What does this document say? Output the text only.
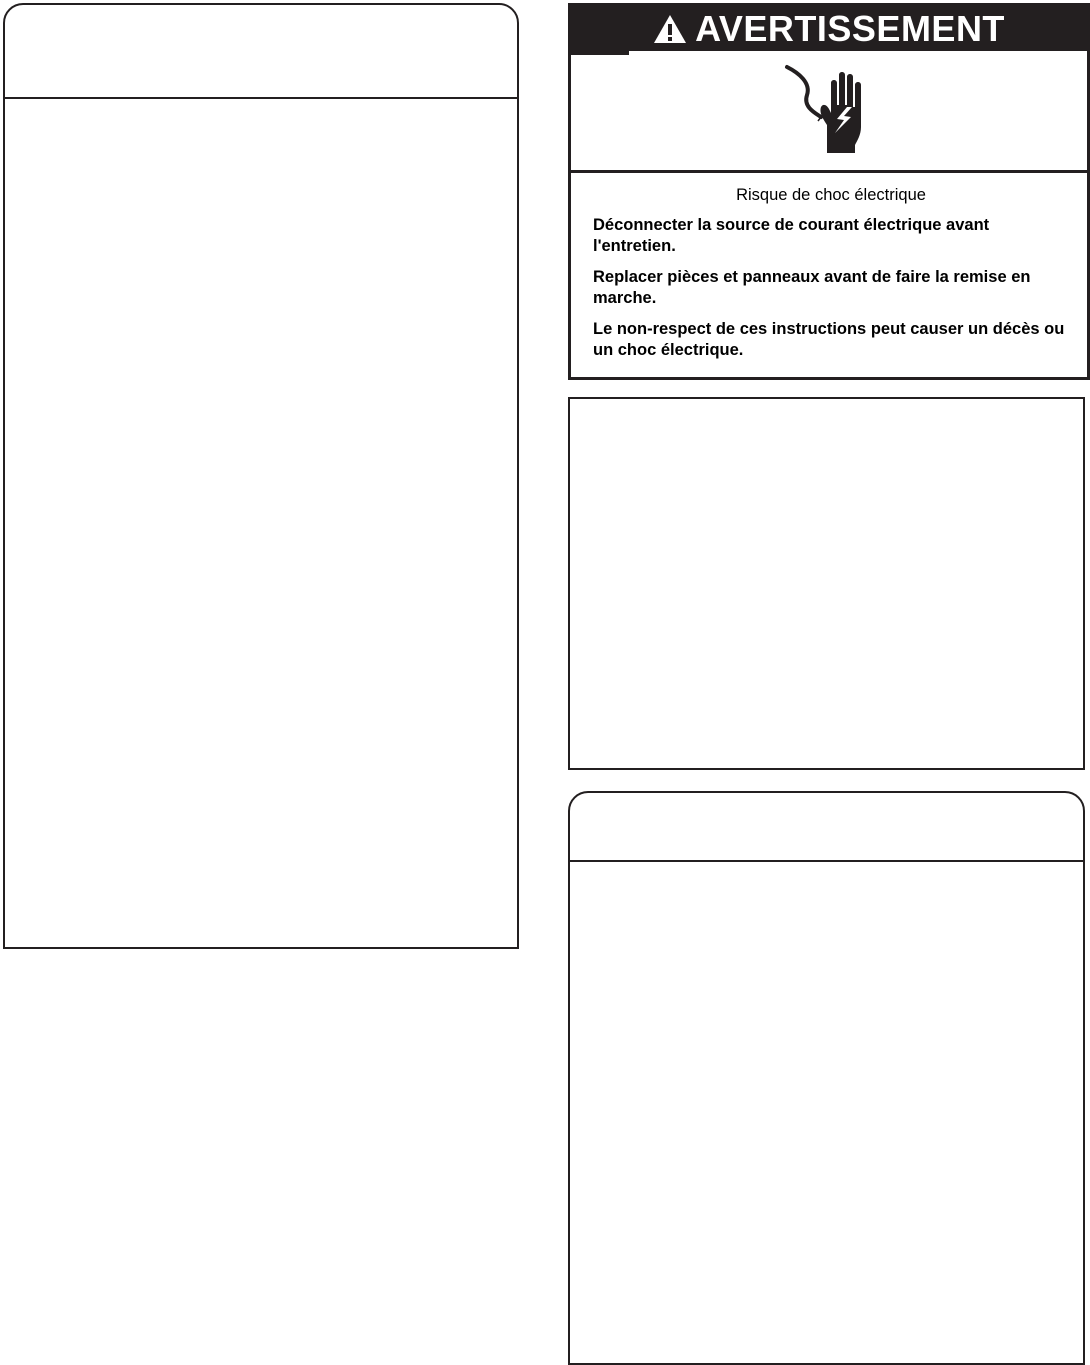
AVERTISSEMENT
Risque de choc électrique

Déconnecter la source de courant électrique avant l'entretien.

Replacer pièces et panneaux avant de faire la remise en marche.

Le non-respect de ces instructions peut causer un décès ou un choc électrique.
